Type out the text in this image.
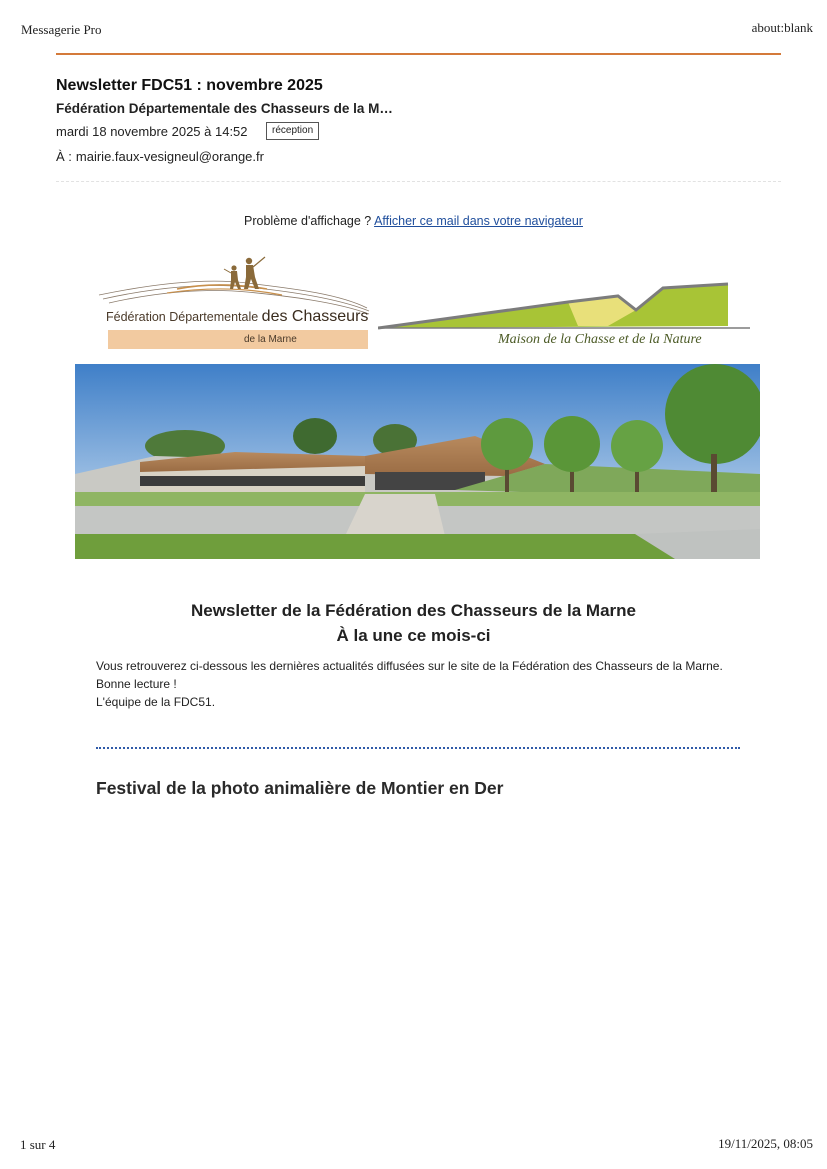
Messagerie Pro	about:blank
Newsletter FDC51 : novembre 2025
Fédération Départementale des Chasseurs de la M…
mardi 18 novembre 2025 à 14:52	réception
À : mairie.faux-vesigneul@orange.fr
Problème d'affichage ? Afficher ce mail dans votre navigateur
Fédération Départementale des Chasseurs
de la Marne	Maison de la Chasse et de la Nature
Newsletter de la Fédération des Chasseurs de la Marne
À la une ce mois-ci

Vous retrouverez ci-dessous les dernières actualités diffusées sur le site de la Fédération des Chasseurs de la Marne.

Bonne lecture !

L'équipe de la FDC51.

Festival de la photo animalière de Montier en Der
1 sur 4	19/11/2025, 08:05
